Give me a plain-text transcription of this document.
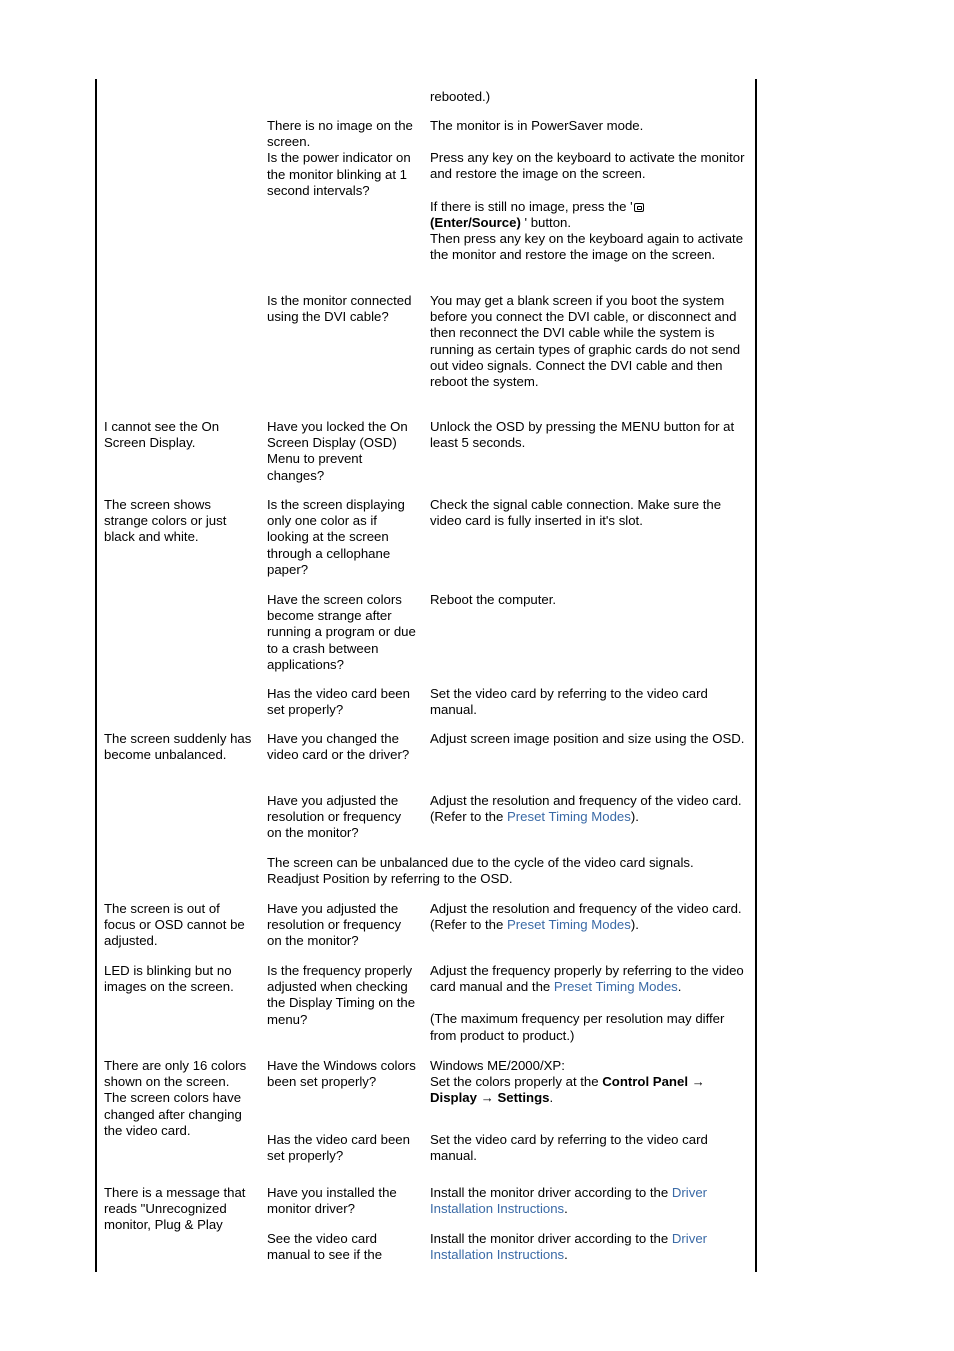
rebooted.)

There is no image on the screen.

Is the power indicator on the monitor blinking at 1 second intervals?

The monitor is in PowerSaver mode.

Press any key on the keyboard to activate the monitor and restore the image on the screen.

If there is still no image, press the '
(Enter/Source) ' button.

Then press any key on the keyboard again to activate the monitor and restore the image on the screen.

Is the monitor connected using the DVI cable?
You may get a blank screen if you boot the system before you connect the DVI cable, or disconnect and then reconnect the DVI cable while the system is running as certain types of graphic cards do not send out video signals. Connect the DVI cable and then reboot the system.
I cannot see the On Screen Display.
Have you locked the On Screen Display (OSD) Menu to prevent changes?
Unlock the OSD by pressing the MENU button for at least 5 seconds.
The screen shows strange colors or just black and white.
Is the screen displaying only one color as if looking at the screen through a cellophane paper?
Check the signal cable connection. Make sure the video card is fully inserted in it's slot.
Have the screen colors become strange after running a program or due to a crash between applications?
Reboot the computer.
Has the video card been set properly?
Set the video card by referring to the video card manual.
The screen suddenly has become unbalanced.
Have you changed the video card or the driver?
Adjust screen image position and size using the OSD.
Have you adjusted the resolution or frequency on the monitor?

Adjust the resolution and frequency of the video card.

(Refer to the Preset Timing Modes).

The screen can be unbalanced due to the cycle of the video card signals.

Readjust Position by referring to the OSD.

The screen is out of focus or OSD cannot be adjusted.
Have you adjusted the resolution or frequency on the monitor?

Adjust the resolution and frequency of the video card.

(Refer to the Preset Timing Modes).

LED is blinking but no images on the screen.
Is the frequency properly adjusted when checking the Display Timing on the menu?

Adjust the frequency properly by referring to the video card manual and the Preset Timing Modes.

(The maximum frequency per resolution may differ from product to product.)

There are only 16 colors shown on the screen.

The screen colors have changed after changing the video card.

Have the Windows colors been set properly?

Windows ME/2000/XP:

Set the colors properly at the Control Panel →
Display → Settings.

Has the video card been set properly?
Set the video card by referring to the video card manual.
There is a message that reads "Unrecognized monitor, Plug & Play
Have you installed the monitor driver?

Install the monitor driver according to the Driver Installation Instructions.

See the video card manual to see if the

Install the monitor driver according to the Driver Installation Instructions.
